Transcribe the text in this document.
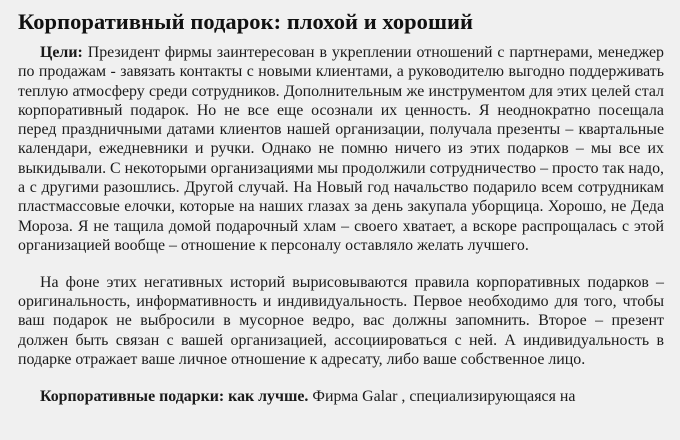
Корпоративный подарок: плохой и хороший

Цели: Президент фирмы заинтересован в укреплении отношений с партнерами, менеджер по продажам - завязать контакты с новыми клиентами, а руководителю выгодно поддерживать теплую атмосферу среди сотрудников. Дополнительным же инструментом для этих целей стал корпоративный подарок. Но не все еще осознали их ценность. Я неоднократно посещала перед праздничными датами клиентов нашей организации, получала презенты – квартальные календари, ежедневники и ручки. Однако не помню ничего из этих подарков – мы все их выкидывали. С некоторыми организациями мы продолжили сотрудничество – просто так надо, а с другими разошлись. Другой случай. На Новый год начальство подарило всем сотрудникам пластмассовые елочки, которые на наших глазах за день закупала уборщица. Хорошо, не Деда Мороза. Я не тащила домой подарочный хлам – своего хватает, а вскоре распрощалась с этой организацией вообще – отношение к персоналу оставляло желать лучшего.

На фоне этих негативных историй вырисовываются правила корпоративных подарков – оригинальность, информативность и индивидуальность. Первое необходимо для того, чтобы ваш подарок не выбросили в мусорное ведро, вас должны запомнить. Второе – презент должен быть связан с вашей организацией, ассоциироваться с ней. А индивидуальность в подарке отражает ваше личное отношение к адресату, либо ваше собственное лицо.

Корпоративные подарки: как лучше. Фирма Galar , специализирующаяся на
